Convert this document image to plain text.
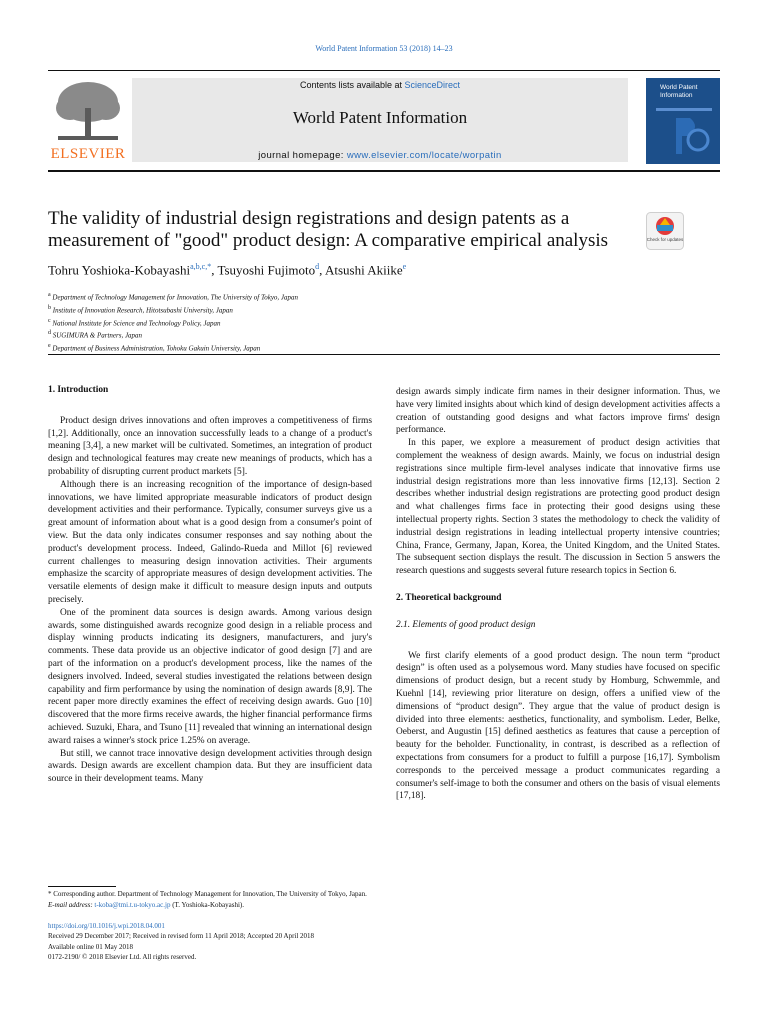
World Patent Information 53 (2018) 14–23
ELSEVIER
Contents lists available at ScienceDirect
World Patent Information
journal homepage: www.elsevier.com/locate/worpatin
World Patent Information
The validity of industrial design registrations and design patents as a measurement of "good" product design: A comparative empirical analysis	Check for updates
Tohru Yoshioka-Kobayashi$^{a,b,c,*}$, Tsuyoshi Fujimoto$^d$, Atsushi Akiike$^e$
$^a$ Department of Technology Management for Innovation, The University of Tokyo, Japan
$^b$ Institute of Innovation Research, Hitotsubashi University, Japan
$^c$ National Institute for Science and Technology Policy, Japan
$^d$ SUGIMURA & Partners, Japan
$^e$ Department of Business Administration, Tohoku Gakuin University, Japan

1. Introduction

Product design drives innovations and often improves a competitiveness of firms [1,2]. Additionally, once an innovation successfully leads to a change of a product's meaning [3,4], a new market will be cultivated. Sometimes, an integration of product design and technological features may create new meanings of products, which has a probability of disrupting current product markets [5].

Although there is an increasing recognition of the importance of design-based innovations, we have limited appropriate measurable indicators of product design development activities and their performance. Typically, consumer surveys give us a great amount of information about what is a good design from a consumer's point of view. But the data only indicates consumer responses and say nothing about the product's development process. Indeed, Galindo-Rueda and Millot [6] reviewed current challenges to measuring design innovation activities. Their arguments emphasize the scarcity of appropriate measures of design development activities. The versatile elements of design make it difficult to measure design inputs and outputs precisely.

One of the prominent data sources is design awards. Among various design awards, some distinguished awards recognize good design in a reliable process and display winning products indicating its designers, manufacturers, and jury's comments. These data provide us an objective indicator of good design [7] and are part of the information on a product's development process, like the names of the designers involved. Indeed, several studies investigated the relations between design capability and firm performance by using the nomination of design awards [8,9]. The recent paper more directly examines the effect of receiving design awards. Guo [10] discovered that the more firms receive awards, the higher financial performance firms achieved. Suzuki, Ehara, and Tsuno [11] revealed that winning an international design award raises a winner's stock price 1.25% on average.

But still, we cannot trace innovative design development activities through design awards. Design awards are excellent champion data. But they are insufficient data source in their development teams. Many

design awards simply indicate firm names in their designer information. Thus, we have very limited insights about which kind of design development activities affects a creation of outstanding good designs and what factors improve firms' design performance.

In this paper, we explore a measurement of product design activities that complement the weakness of design awards. Mainly, we focus on industrial design registrations since multiple firm-level analyses indicate that innovative firms use industrial design registrations more than less innovative firms [12,13]. Section 2 describes whether industrial design registrations are protecting good product design and what challenges firms face in protecting their good designs using these intellectual property rights. Section 3 states the methodology to check the validity of industrial design registrations in leading intellectual property intensive countries; China, France, Germany, Japan, Korea, the United Kingdom, and the United States. The subsequent section displays the result. The discussion in Section 5 answers the research questions and suggests several future research topics in Section 6.

2. Theoretical background

2.1. Elements of good product design

We first clarify elements of a good product design. The noun term “product design” is often used as a polysemous word. Many studies have focused on specific dimensions of product design, but a recent study by Homburg, Schwemmle, and Kuehnl [14], reviewing prior literature on design, offers a unified view of the dimensions of “product design”. They argue that the value of product design is divided into three elements: aesthetics, functionality, and symbolism. Leder, Belke, Oeberst, and Augustin [15] defined aesthetics as features that cause a perception of beauty for the beholder. Functionality, in contrast, is described as a reflection of expectations from consumers for a product to fulfill a purpose [16,17]. Symbolism corresponds to the perceived message a product communicates regarding a consumer's self-image to both the consumer and others on the basis of visual elements [17,18].

* Corresponding author. Department of Technology Management for Innovation, The University of Tokyo, Japan.
E-mail address: t-koba@tmi.t.u-tokyo.ac.jp (T. Yoshioka-Kobayashi).
https://doi.org/10.1016/j.wpi.2018.04.001
Received 29 December 2017; Received in revised form 11 April 2018; Accepted 20 April 2018
Available online 01 May 2018
0172-2190/ © 2018 Elsevier Ltd. All rights reserved.
